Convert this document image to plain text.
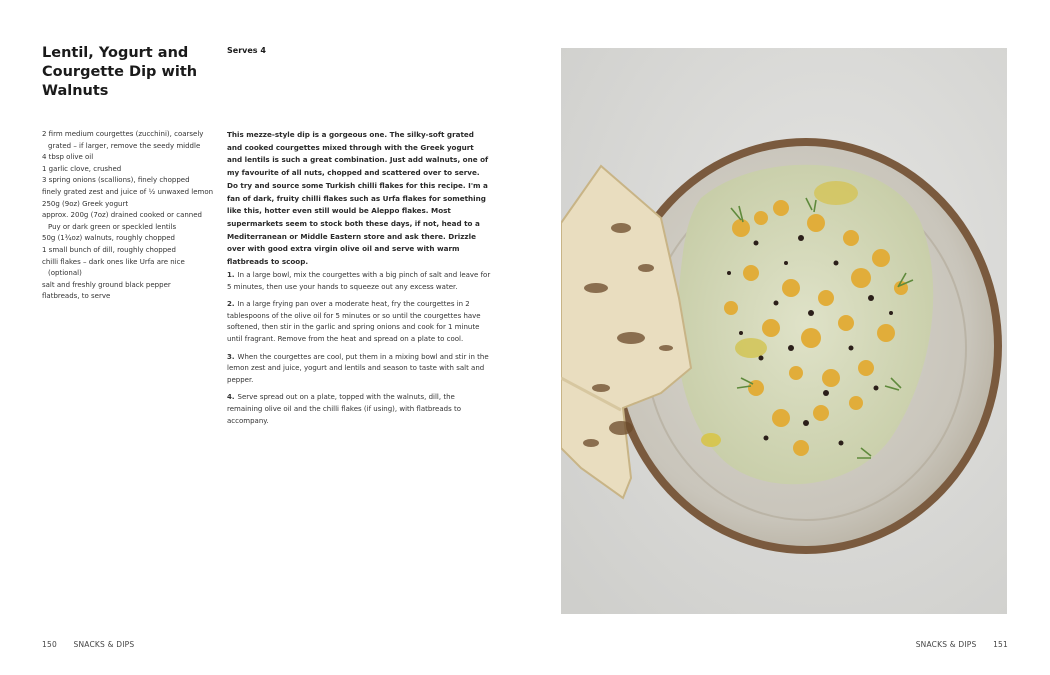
Lentil, Yogurt and Courgette Dip with Walnuts
Serves 4
2 firm medium courgettes (zucchini), coarsely grated – if larger, remove the seedy middle
4 tbsp olive oil
1 garlic clove, crushed
3 spring onions (scallions), finely chopped
finely grated zest and juice of ½ unwaxed lemon
250g (9oz) Greek yogurt
approx. 200g (7oz) drained cooked or canned Puy or dark green or speckled lentils
50g (1¾oz) walnuts, roughly chopped
1 small bunch of dill, roughly chopped
chilli flakes – dark ones like Urfa are nice (optional)
salt and freshly ground black pepper
flatbreads, to serve

This mezze-style dip is a gorgeous one. The silky-soft grated and cooked courgettes mixed through with the Greek yogurt and lentils is such a great combination. Just add walnuts, one of my favourite of all nuts, chopped and scattered over to serve. Do try and source some Turkish chilli flakes for this recipe. I'm a fan of dark, fruity chilli flakes such as Urfa flakes for something like this, hotter even still would be Aleppo flakes. Most supermarkets seem to stock both these days, if not, head to a Mediterranean or Middle Eastern store and ask there. Drizzle over with good extra virgin olive oil and serve with warm flatbreads to scoop.

1. In a large bowl, mix the courgettes with a big pinch of salt and leave for 5 minutes, then use your hands to squeeze out any excess water.
2. In a large frying pan over a moderate heat, fry the courgettes in 2 tablespoons of the olive oil for 5 minutes or so until the courgettes have softened, then stir in the garlic and spring onions and cook for 1 minute until fragrant. Remove from the heat and spread on a plate to cool.
3. When the courgettes are cool, put them in a mixing bowl and stir in the lemon zest and juice, yogurt and lentils and season to taste with salt and pepper.
4. Serve spread out on a plate, topped with the walnuts, dill, the remaining olive oil and the chilli flakes (if using), with flatbreads to accompany.
150 SNACKS & DIPS	SNACKS & DIPS 151
